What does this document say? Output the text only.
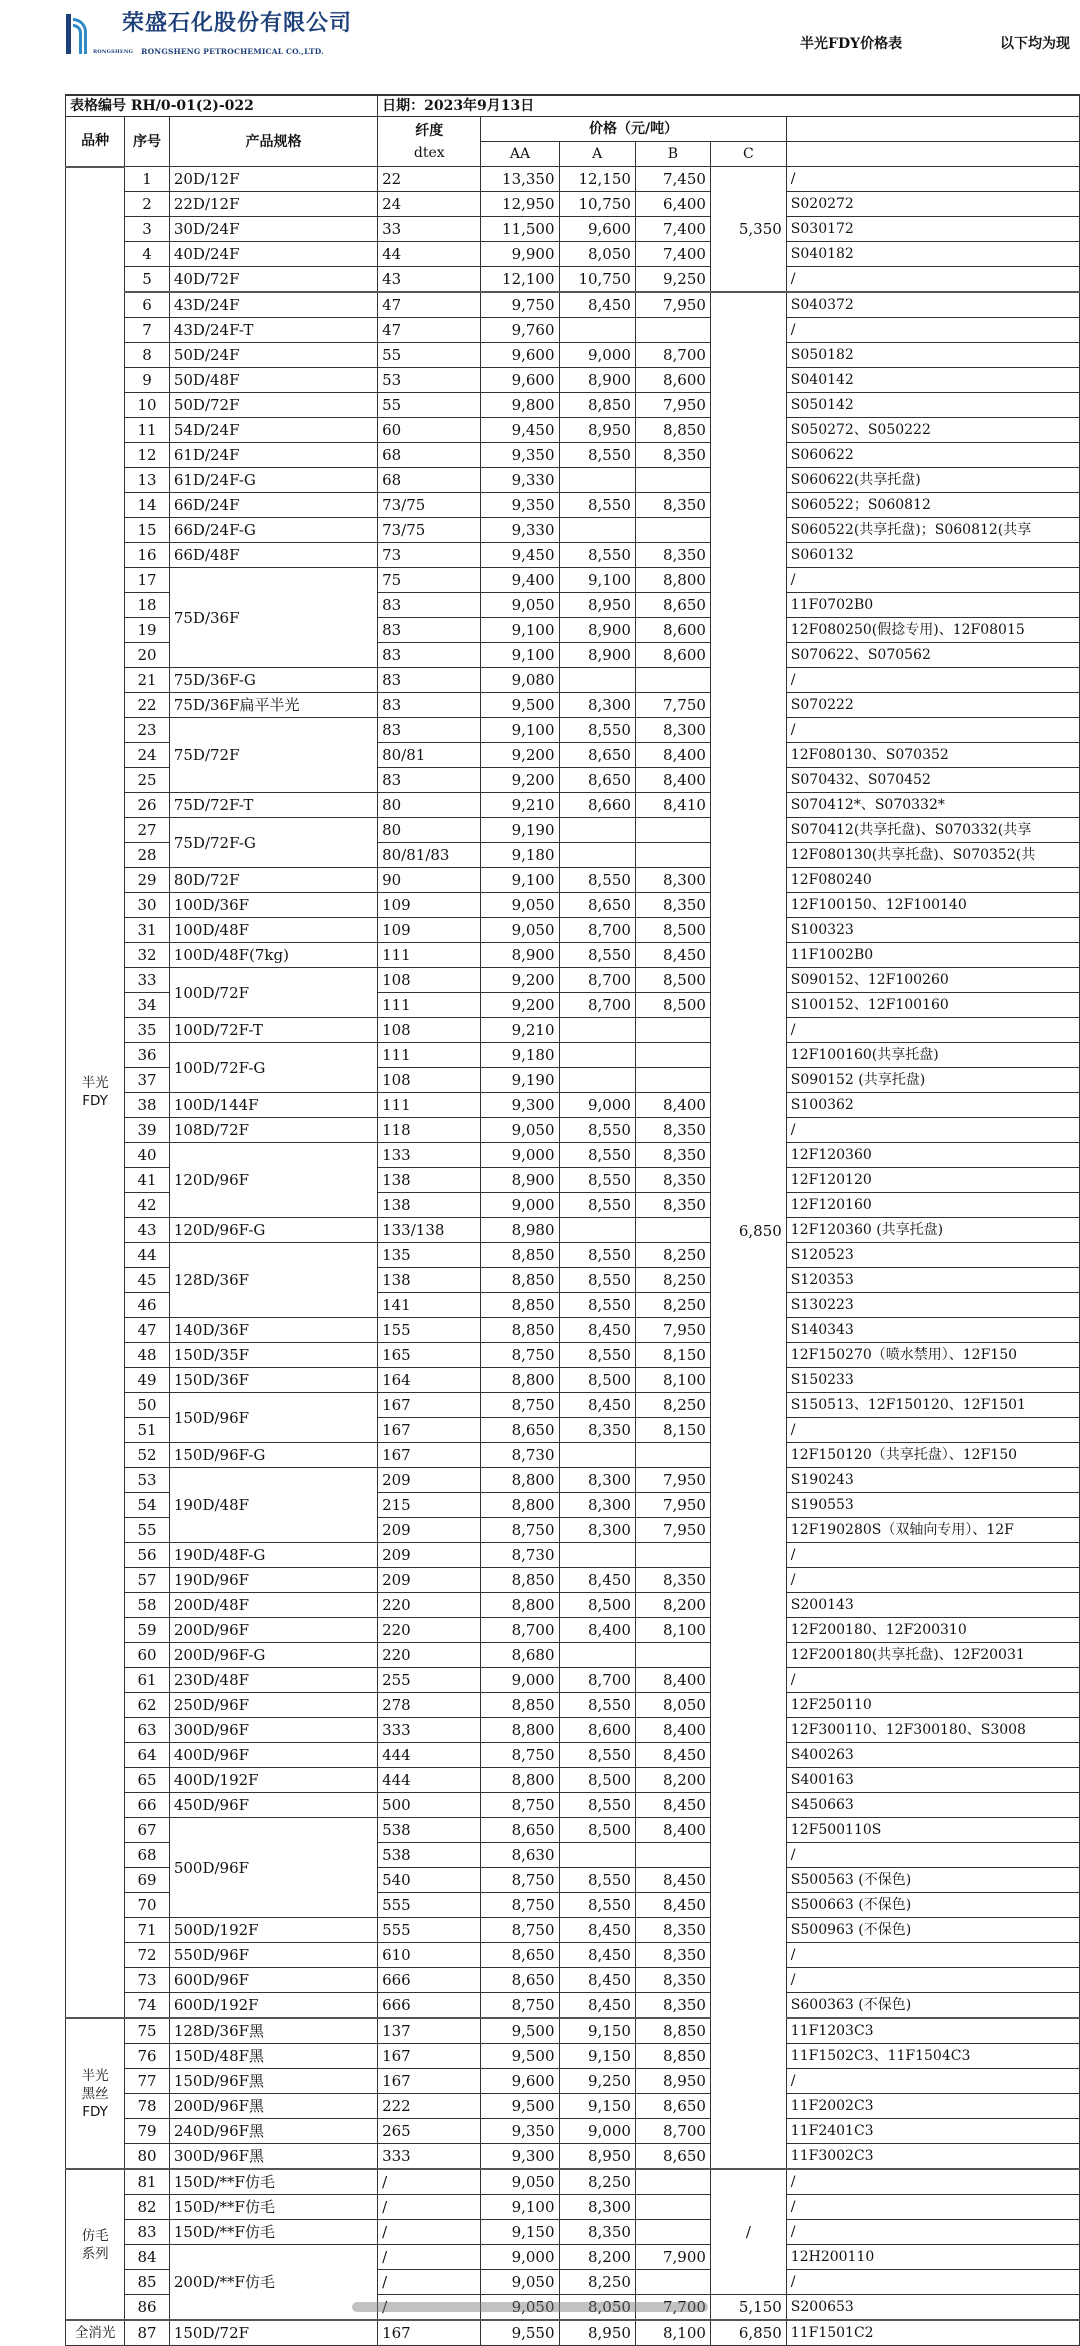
荣盛石化股份有限公司
RONGSHENG RONGSHENG PETROCHEMICAL CO.,LTD.	半光FDY价格表	以下均为现
表格编号 RH/0-01(2)-022			日期：2023年9月13日					
品种	序号	产品规格	纤度
dtex	价格（元/吨）				
				AA	A	B	C	
半光
FDY	1	20D/12F	22	13,350	12,150	7,450	5,350	/
	2	22D/12F	24	12,950	10,750	6,400		S020272
	3	30D/24F	33	11,500	9,600	7,400		S030172
	4	40D/24F	44	9,900	8,050	7,400		S040182
	5	40D/72F	43	12,100	10,750	9,250		/
	6	43D/24F	47	9,750	8,450	7,950	6,850	S040372
	7	43D/24F-T	47	9,760				/
	8	50D/24F	55	9,600	9,000	8,700		S050182
	9	50D/48F	53	9,600	8,900	8,600		S040142
	10	50D/72F	55	9,800	8,850	7,950		S050142
	11	54D/24F	60	9,450	8,950	8,850		S050272、S050222
	12	61D/24F	68	9,350	8,550	8,350		S060622
	13	61D/24F-G	68	9,330				S060622(共享托盘)
	14	66D/24F	73/75	9,350	8,550	8,350		S060522；S060812
	15	66D/24F-G	73/75	9,330				S060522(共享托盘)；S060812(共享
	16	66D/48F	73	9,450	8,550	8,350		S060132
	17	75D/36F	75	9,400	9,100	8,800		/
	18		83	9,050	8,950	8,650		11F0702B0
	19		83	9,100	8,900	8,600		12F080250(假捻专用)、12F08015
	20		83	9,100	8,900	8,600		S070622、S070562
	21	75D/36F-G	83	9,080				/
	22	75D/36F扁平半光	83	9,500	8,300	7,750		S070222
	23	75D/72F	83	9,100	8,550	8,300		/
	24		80/81	9,200	8,650	8,400		12F080130、S070352
	25		83	9,200	8,650	8,400		S070432、S070452
	26	75D/72F-T	80	9,210	8,660	8,410		S070412*、S070332*
	27	75D/72F-G	80	9,190				S070412(共享托盘)、S070332(共享
	28		80/81/83	9,180				12F080130(共享托盘)、S070352(共
	29	80D/72F	90	9,100	8,550	8,300		12F080240
	30	100D/36F	109	9,050	8,650	8,350		12F100150、12F100140
	31	100D/48F	109	9,050	8,700	8,500		S100323
	32	100D/48F(7kg)	111	8,900	8,550	8,450		11F1002B0
	33	100D/72F	108	9,200	8,700	8,500		S090152、12F100260
	34		111	9,200	8,700	8,500		S100152、12F100160
	35	100D/72F-T	108	9,210				/
	36	100D/72F-G	111	9,180				12F100160(共享托盘)
	37		108	9,190				S090152 (共享托盘)
	38	100D/144F	111	9,300	9,000	8,400		S100362
	39	108D/72F	118	9,050	8,550	8,350		/
	40	120D/96F	133	9,000	8,550	8,350		12F120360
	41		138	8,900	8,550	8,350		12F120120
	42		138	9,000	8,550	8,350		12F120160
	43	120D/96F-G	133/138	8,980				12F120360 (共享托盘)
	44	128D/36F	135	8,850	8,550	8,250		S120523
	45		138	8,850	8,550	8,250		S120353
	46		141	8,850	8,550	8,250		S130223
	47	140D/36F	155	8,850	8,450	7,950		S140343
	48	150D/35F	165	8,750	8,550	8,150		12F150270（喷水禁用）、12F150
	49	150D/36F	164	8,800	8,500	8,100		S150233
	50	150D/96F	167	8,750	8,450	8,250		S150513、12F150120、12F1501
	51		167	8,650	8,350	8,150		/
	52	150D/96F-G	167	8,730				12F150120（共享托盘）、12F150
	53	190D/48F	209	8,800	8,300	7,950		S190243
	54		215	8,800	8,300	7,950		S190553
	55		209	8,750	8,300	7,950		12F190280S（双轴向专用）、12F
	56	190D/48F-G	209	8,730				/
	57	190D/96F	209	8,850	8,450	8,350		/
	58	200D/48F	220	8,800	8,500	8,200		S200143
	59	200D/96F	220	8,700	8,400	8,100		12F200180、12F200310
	60	200D/96F-G	220	8,680				12F200180(共享托盘)、12F20031
	61	230D/48F	255	9,000	8,700	8,400		/
	62	250D/96F	278	8,850	8,550	8,050		12F250110
	63	300D/96F	333	8,800	8,600	8,400		12F300110、12F300180、S3008
	64	400D/96F	444	8,750	8,550	8,450		S400263
	65	400D/192F	444	8,800	8,500	8,200		S400163
	66	450D/96F	500	8,750	8,550	8,450		S450663
	67	500D/96F	538	8,650	8,500	8,400		12F500110S
	68		538	8,630				/
	69		540	8,750	8,550	8,450		S500563 (不保色)
	70		555	8,750	8,550	8,450		S500663 (不保色)
	71	500D/192F	555	8,750	8,450	8,350		S500963 (不保色)
	72	550D/96F	610	8,650	8,450	8,350		/
	73	600D/96F	666	8,650	8,450	8,350		/
	74	600D/192F	666	8,750	8,450	8,350		S600363 (不保色)
半光
黑丝
FDY	75	128D/36F黑	137	9,500	9,150	8,850		11F1203C3
	76	150D/48F黑	167	9,500	9,150	8,850		11F1502C3、11F1504C3
	77	150D/96F黑	167	9,600	9,250	8,950		/
	78	200D/96F黑	222	9,500	9,150	8,650		11F2002C3
	79	240D/96F黑	265	9,350	9,000	8,700		11F2401C3
	80	300D/96F黑	333	9,300	8,950	8,650		11F3002C3
仿毛
系列	81	150D/**F仿毛	/	9,050	8,250		/	/
	82	150D/**F仿毛	/	9,100	8,300			/
	83	150D/**F仿毛	/	9,150	8,350			/
	84	200D/**F仿毛	/	9,000	8,200	7,900		12H200110
	85		/	9,050	8,250			/
	86		/	9,050	8,050	7,700	5,150	S200653
全消光	87	150D/72F	167	9,550	8,950	8,100	6,850	11F1501C2
